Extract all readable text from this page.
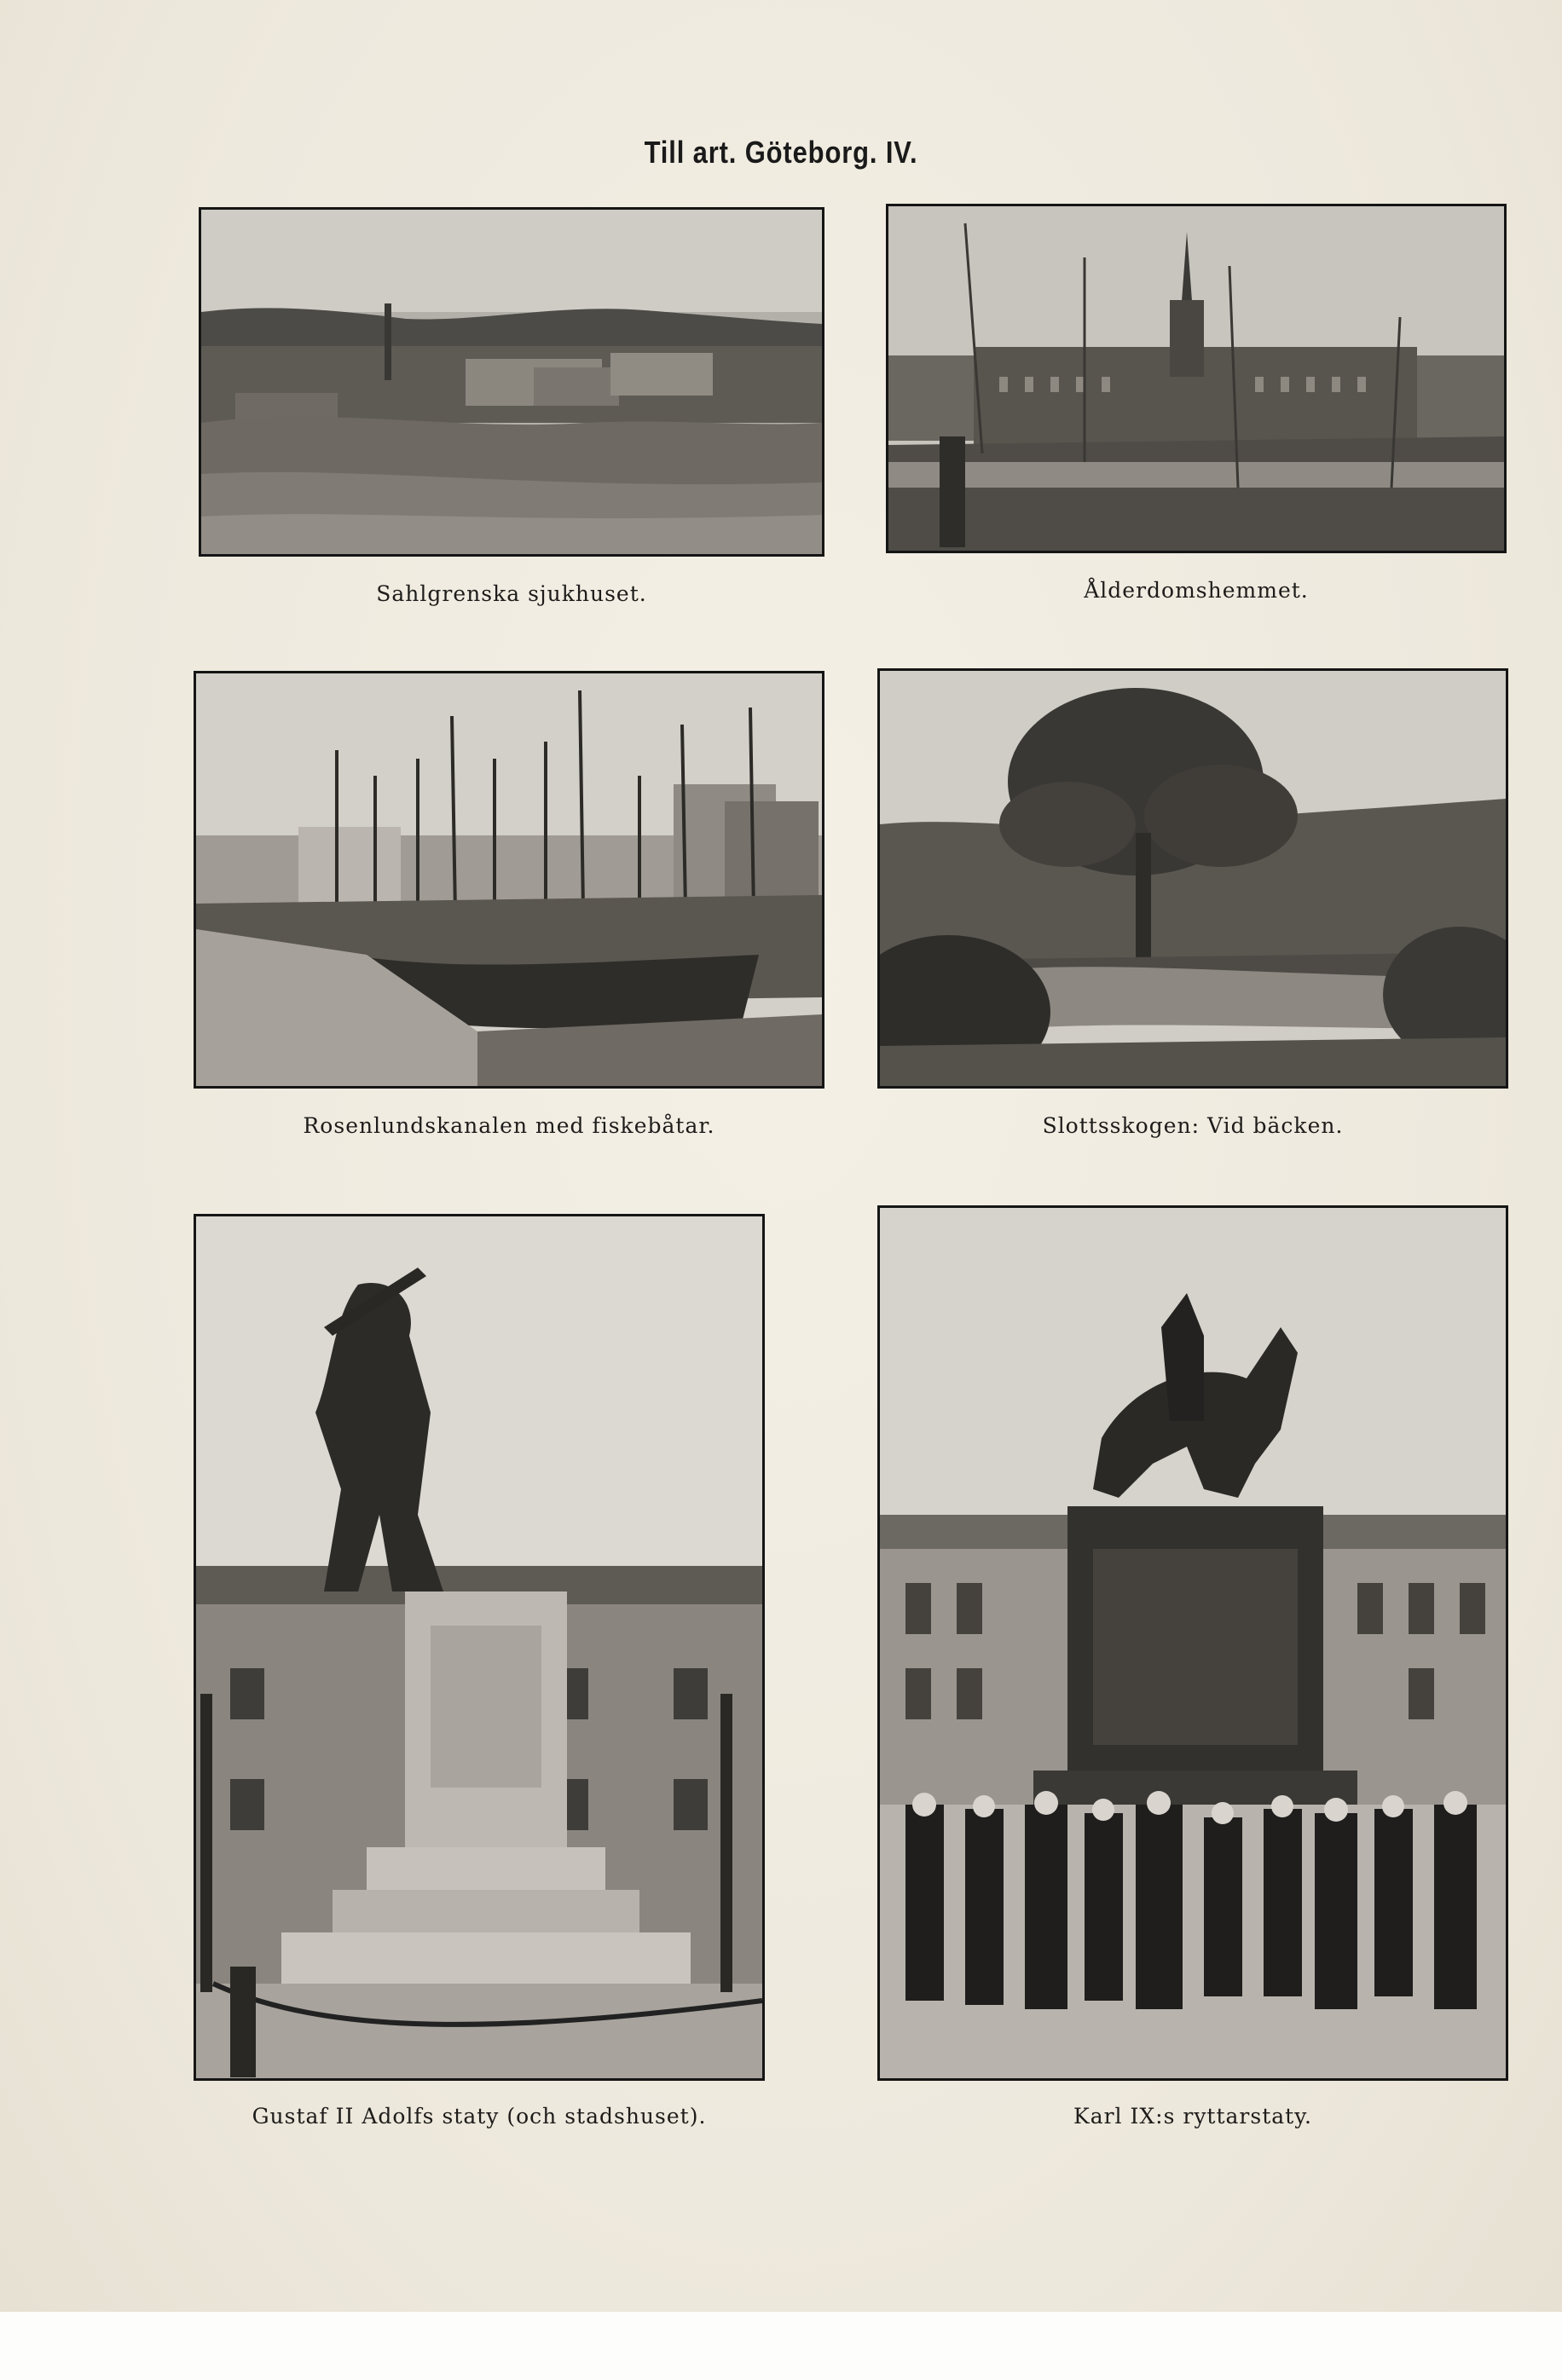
Till art. Göteborg. IV.
Sahlgrenska sjukhuset.	Ålderdomshemmet.
Rosenlundskanalen med fiskebåtar.	Slottsskogen: Vid bäcken.
Gustaf II Adolfs staty (och stadshuset).	Karl IX:s ryttarstaty.
